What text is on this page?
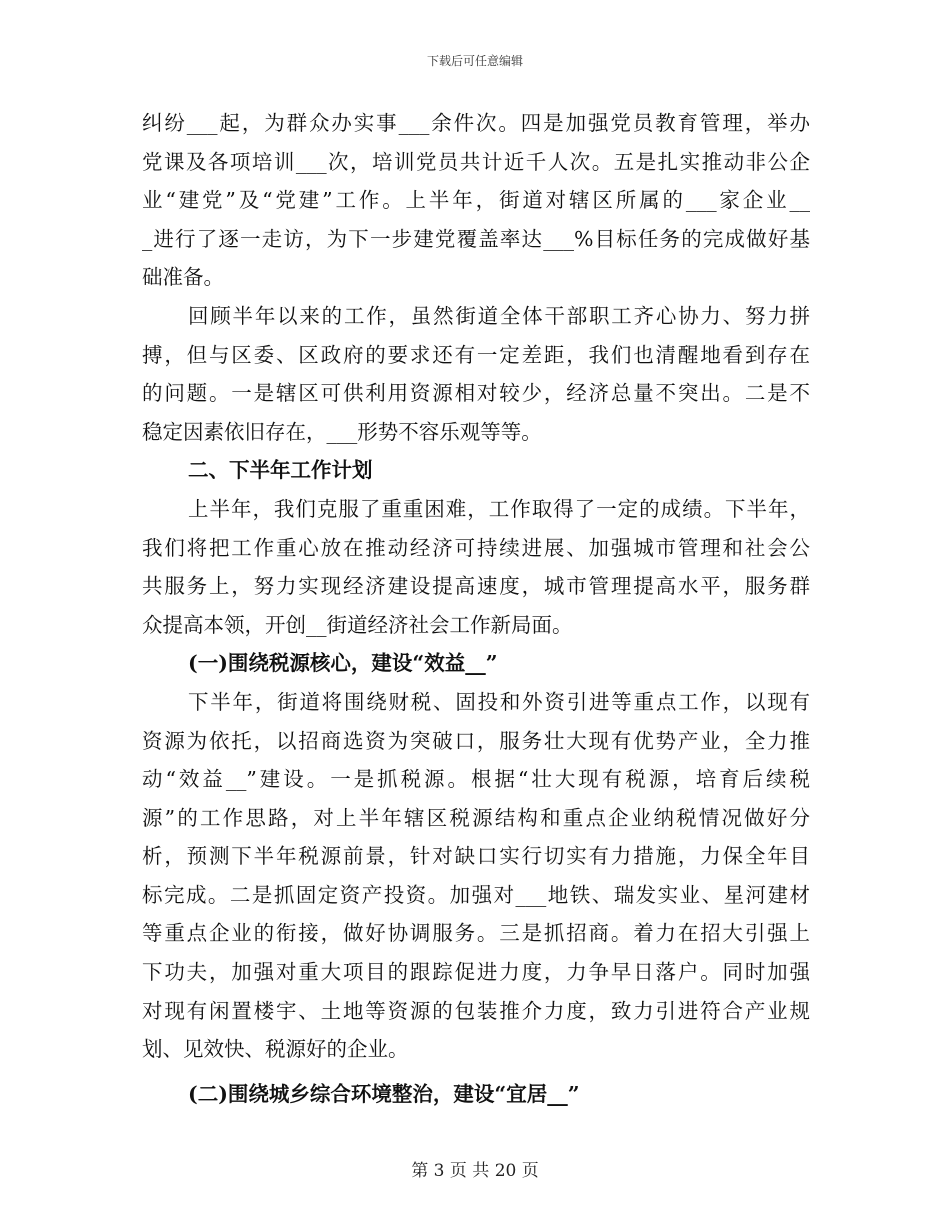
下载后可任意编辑
纠纷___起，为群众办实事___余件次。四是加强党员教育管理，举办
党课及各项培训___次，培训党员共计近千人次。五是扎实推动非公企
业“建党”及“党建”工作。上半年，街道对辖区所属的___家企业__
_进行了逐一走访，为下一步建党覆盖率达___%目标任务的完成做好基
础准备。
回顾半年以来的工作，虽然街道全体干部职工齐心协力、努力拼
搏，但与区委、区政府的要求还有一定差距，我们也清醒地看到存在
的问题。一是辖区可供利用资源相对较少，经济总量不突出。二是不
稳定因素依旧存在，___形势不容乐观等等。
二、下半年工作计划
上半年，我们克服了重重困难，工作取得了一定的成绩。下半年，
我们将把工作重心放在推动经济可持续进展、加强城市管理和社会公
共服务上，努力实现经济建设提高速度，城市管理提高水平，服务群
众提高本领，开创__街道经济社会工作新局面。
(一)围绕税源核心，建设“效益__”
下半年，街道将围绕财税、固投和外资引进等重点工作，以现有
资源为依托，以招商选资为突破口，服务壮大现有优势产业，全力推
动“效益__”建设。一是抓税源。根据“壮大现有税源，培育后续税
源”的工作思路，对上半年辖区税源结构和重点企业纳税情况做好分
析，预测下半年税源前景，针对缺口实行切实有力措施，力保全年目
标完成。二是抓固定资产投资。加强对___地铁、瑞发实业、星河建材
等重点企业的衔接，做好协调服务。三是抓招商。着力在招大引强上
下功夫，加强对重大项目的跟踪促进力度，力争早日落户。同时加强
对现有闲置楼宇、土地等资源的包装推介力度，致力引进符合产业规
划、见效快、税源好的企业。
(二)围绕城乡综合环境整治，建设“宜居__”
第 3 页 共 20 页
